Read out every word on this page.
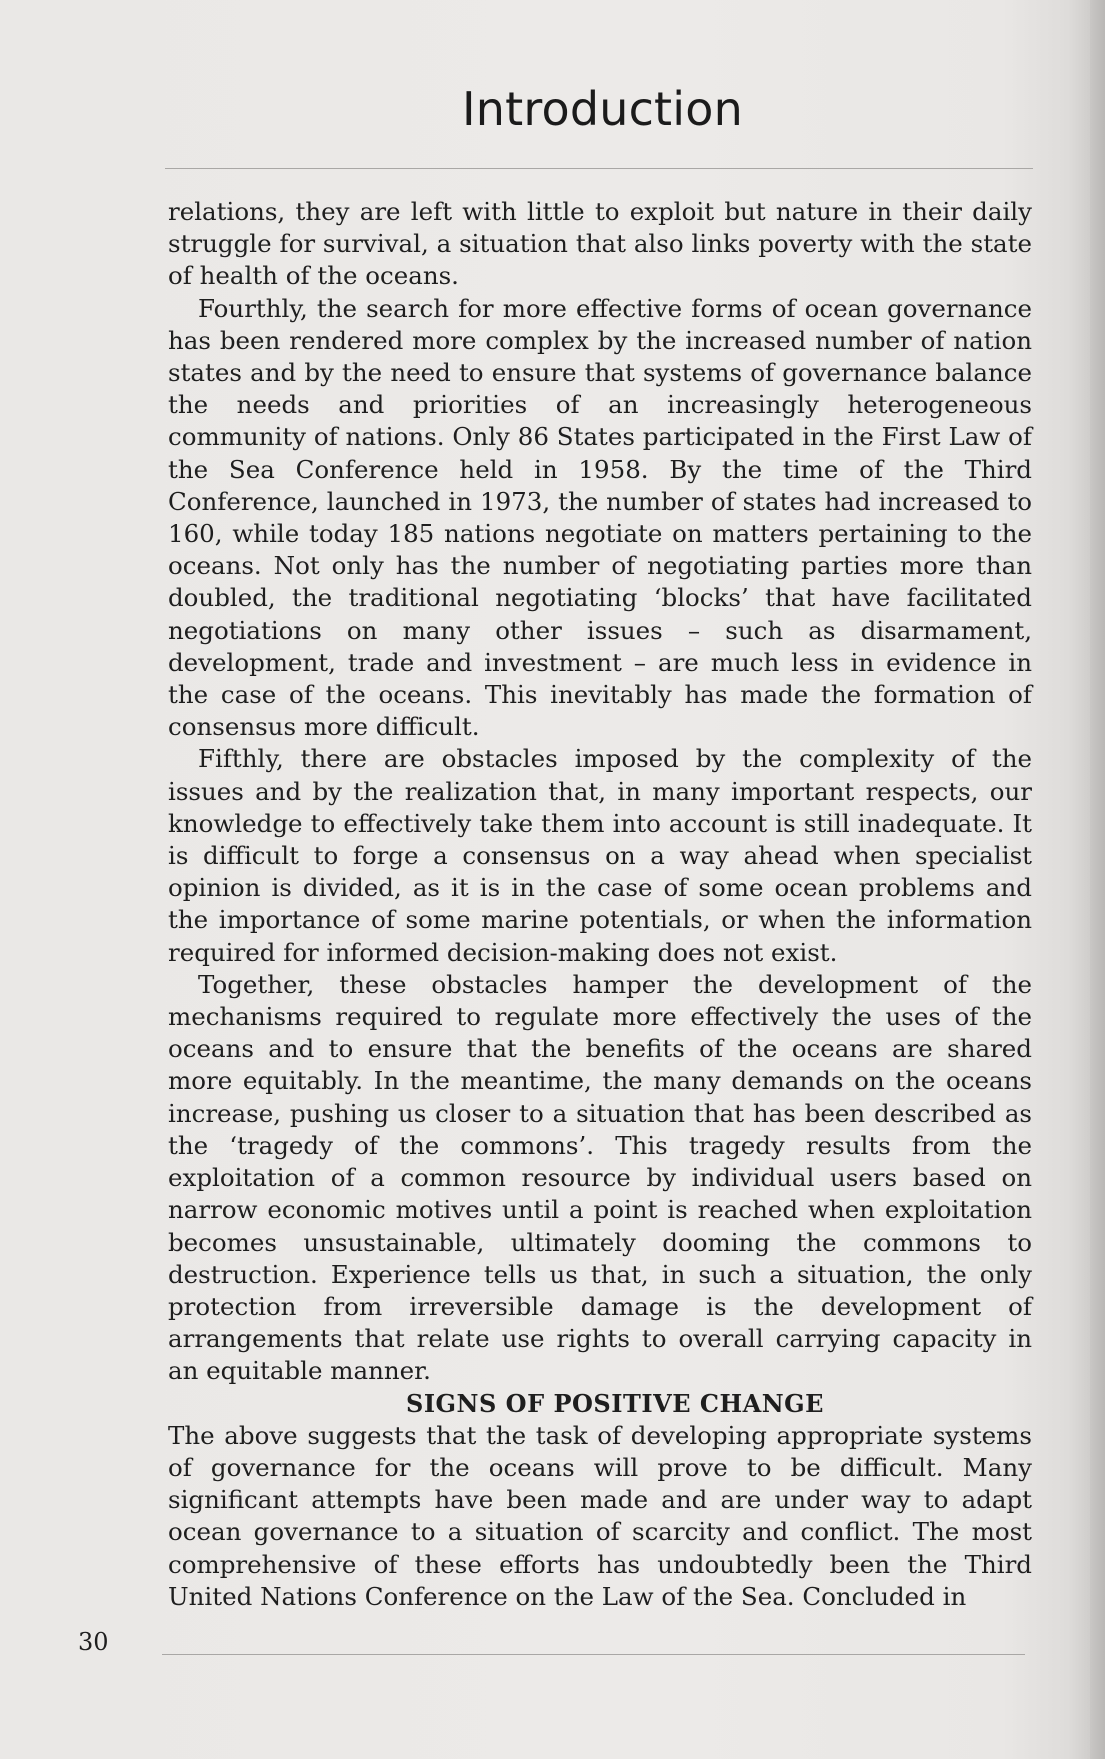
Introduction

relations, they are left with little to exploit but nature in their daily struggle for survival, a situation that also links poverty with the state of health of the oceans.

Fourthly, the search for more effective forms of ocean governance has been rendered more complex by the increased number of nation states and by the need to ensure that systems of governance balance the needs and priorities of an increasingly heterogeneous community of nations. Only 86 States participated in the First Law of the Sea Conference held in 1958. By the time of the Third Conference, launched in 1973, the number of states had increased to 160, while today 185 nations negotiate on matters pertaining to the oceans. Not only has the number of negotiating parties more than doubled, the traditional negotiating ‘blocks’ that have facilitated negotiations on many other issues – such as disarmament, development, trade and investment – are much less in evidence in the case of the oceans. This inevitably has made the formation of consensus more difficult.

Fifthly, there are obstacles imposed by the complexity of the issues and by the realization that, in many important respects, our knowledge to effectively take them into account is still inadequate. It is difficult to forge a consensus on a way ahead when specialist opinion is divided, as it is in the case of some ocean problems and the importance of some marine potentials, or when the information required for informed decision-making does not exist.

Together, these obstacles hamper the development of the mechanisms required to regulate more effectively the uses of the oceans and to ensure that the benefits of the oceans are shared more equitably. In the meantime, the many demands on the oceans increase, pushing us closer to a situation that has been described as the ‘tragedy of the commons’. This tragedy results from the exploitation of a common resource by individual users based on narrow economic motives until a point is reached when exploitation becomes unsustainable, ultimately dooming the commons to destruction. Experience tells us that, in such a situation, the only protection from irreversible damage is the development of arrangements that relate use rights to overall carrying capacity in an equitable manner.

SIGNS OF POSITIVE CHANGE

The above suggests that the task of developing appropriate systems of governance for the oceans will prove to be difficult. Many significant attempts have been made and are under way to adapt ocean governance to a situation of scarcity and conflict. The most comprehensive of these efforts has undoubtedly been the Third United Nations Conference on the Law of the Sea. Concluded in

30
